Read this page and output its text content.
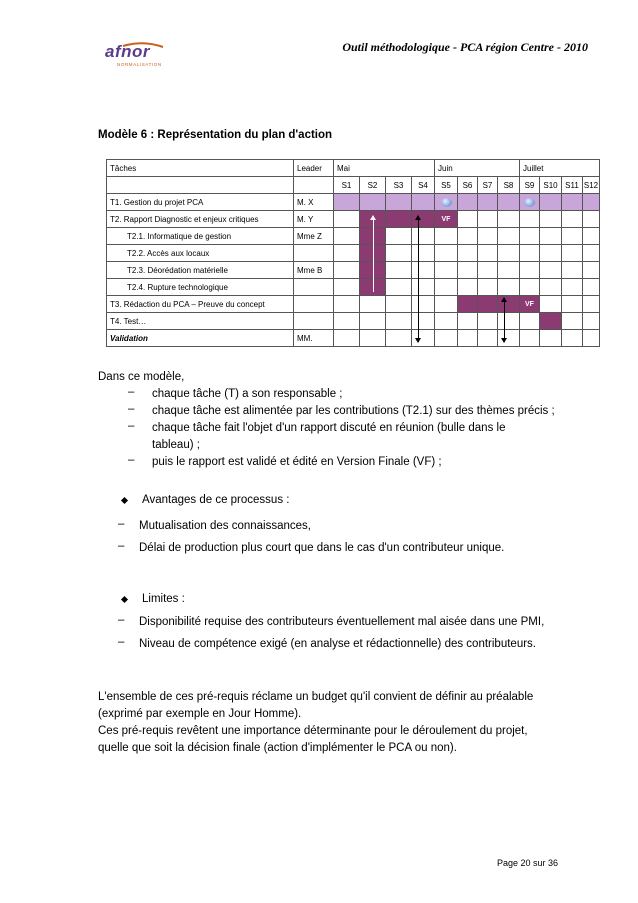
Outil méthodologique - PCA région Centre - 2010
afnor
NORMALISATION
Modèle 6 : Représentation du plan d'action
Tâches	Leader	Mai				Juin				Juillet			
		S1	S2	S3	S4	S5	S6	S7	S8	S9	S10	S11	S12
T1. Gestion du projet PCA	M. X												
T2. Rapport Diagnostic et enjeux critiques	M. Y					VF							
T2.1. Informatique de gestion	Mme Z												
T2.2. Accès aux locaux													
T2.3. Déorédation matérielle	Mme B												
T2.4. Rupture technologique													
T3. Rédaction du PCA – Preuve du concept										VF			
T4. Test…													
Validation	MM.												
Dans ce modèle,
– chaque tâche (T) a son responsable ;
– chaque tâche est alimentée par les contributions (T2.1) sur des thèmes précis ;
– chaque tâche fait l'objet d'un rapport discuté en réunion (bulle dans le
tableau) ;
– puis le rapport est validé et édité en Version Finale (VF) ;
Avantages de ce processus :
– Mutualisation des connaissances,
– Délai de production plus court que dans le cas d'un contributeur unique.
Limites :
– Disponibilité requise des contributeurs éventuellement mal aisée dans une PMI,
– Niveau de compétence exigé (en analyse et rédactionnelle) des contributeurs.
L'ensemble de ces pré-requis réclame un budget qu'il convient de définir au préalable
(exprimé par exemple en Jour Homme).
Ces pré-requis revêtent une importance déterminante pour le déroulement du projet,
quelle que soit la décision finale (action d'implémenter le PCA ou non).
Page 20 sur 36
